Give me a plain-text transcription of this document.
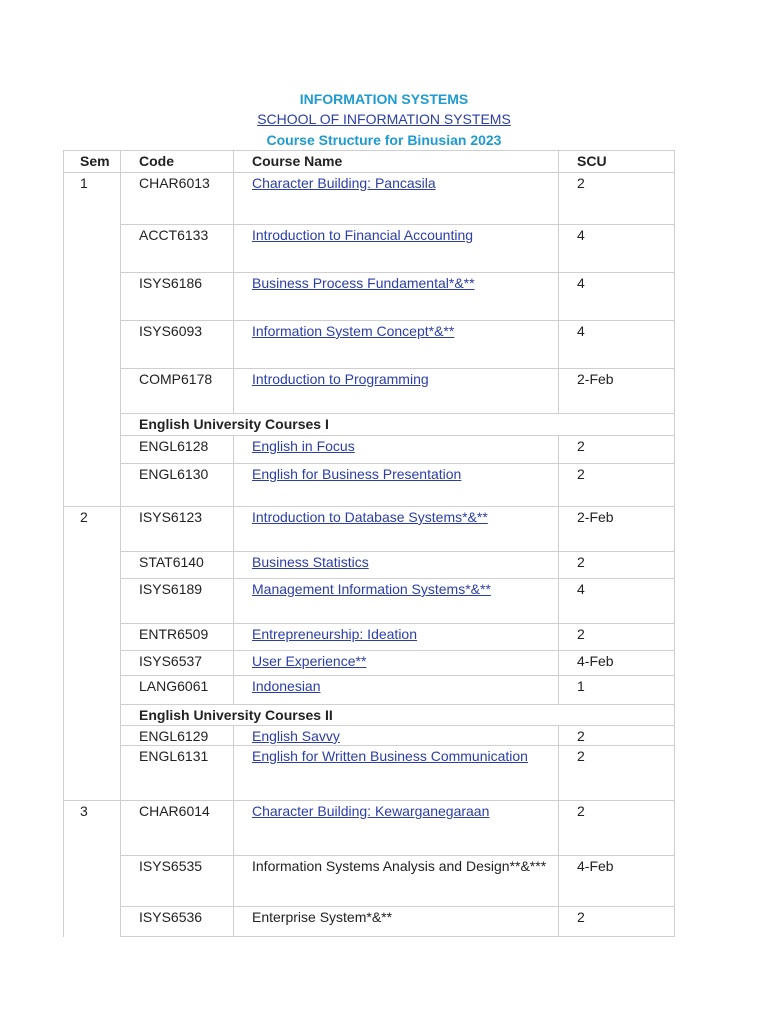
INFORMATION SYSTEMS
SCHOOL OF INFORMATION SYSTEMS
Course Structure for Binusian 2023
Sem	Code	Course Name	SCU
1	CHAR6013	Character Building: Pancasila	2
	ACCT6133	Introduction to Financial Accounting	4
	ISYS6186	Business Process Fundamental*&**	4
	ISYS6093	Information System Concept*&**	4
	COMP6178	Introduction to Programming	2-Feb
	English University Courses I		
	ENGL6128	English in Focus	2
	ENGL6130	English for Business Presentation	2
2	ISYS6123	Introduction to Database Systems*&**	2-Feb
	STAT6140	Business Statistics	2
	ISYS6189	Management Information Systems*&**	4
	ENTR6509	Entrepreneurship: Ideation	2
	ISYS6537	User Experience**	4-Feb
	LANG6061	Indonesian	1
	English University Courses II		
	ENGL6129	English Savvy	2
	ENGL6131	English for Written Business Communication	2
3	CHAR6014	Character Building: Kewarganegaraan	2
	ISYS6535	Information Systems Analysis and Design**&***	4-Feb
	ISYS6536	Enterprise System*&**	2
